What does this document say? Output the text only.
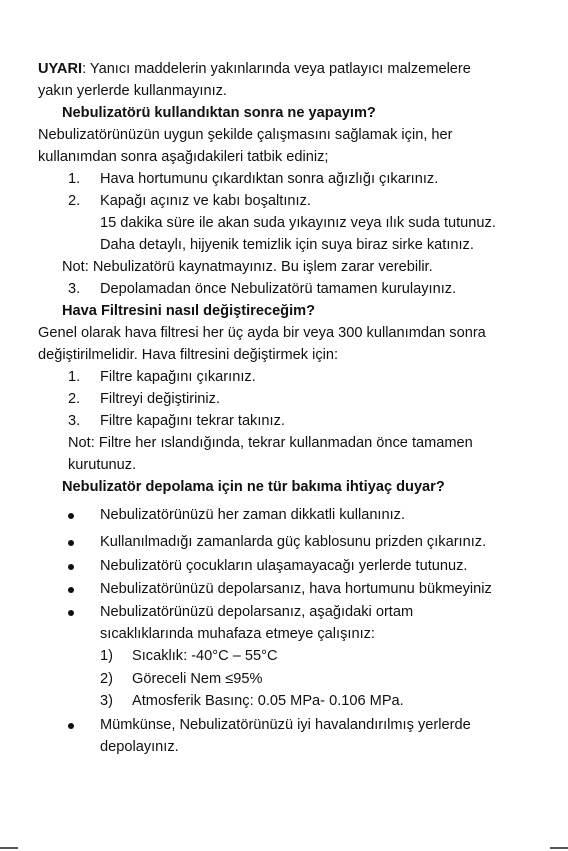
UYARI: Yanıcı maddelerin yakınlarında veya patlayıcı malzemelere
yakın yerlerde kullanmayınız.
Nebulizatörü kullandıktan sonra ne yapayım?
Nebulizatörünüzün uygun şekilde çalışmasını sağlamak için, her
kullanımdan sonra aşağıdakileri tatbik ediniz;
1. Hava hortumunu çıkardıktan sonra ağızlığı çıkarınız.
2. Kapağı açınız ve kabı boşaltınız.
15 dakika süre ile akan suda yıkayınız veya ılık suda tutunuz.
Daha detaylı, hijyenik temizlik için suya biraz sirke katınız.
Not: Nebulizatörü kaynatmayınız. Bu işlem zarar verebilir.
3. Depolamadan önce Nebulizatörü tamamen kurulayınız.
Hava Filtresini nasıl değiştireceğim?
Genel olarak hava filtresi her üç ayda bir veya 300 kullanımdan sonra
değiştirilmelidir. Hava filtresini değiştirmek için:
1. Filtre kapağını çıkarınız.
2. Filtreyi değiştiriniz.
3. Filtre kapağını tekrar takınız.
Not: Filtre her ıslandığında, tekrar kullanmadan önce tamamen
kurutunuz.
Nebulizatör depolama için ne tür bakıma ihtiyaç duyar?
Nebulizatörünüzü her zaman dikkatli kullanınız.
Kullanılmadığı zamanlarda güç kablosunu prizden çıkarınız.
Nebulizatörü çocukların ulaşamayacağı yerlerde tutunuz.
Nebulizatörünüzü depolarsanız, hava hortumunu bükmeyiniz
Nebulizatörünüzü depolarsanız, aşağıdaki ortam
sıcaklıklarında muhafaza etmeye çalışınız:
1) Sıcaklık: -40°C – 55°C
2) Göreceli Nem ≤95%
3) Atmosferik Basınç: 0.05 MPa- 0.106 MPa.
Mümkünse, Nebulizatörünüzü iyi havalandırılmış yerlerde
depolayınız.
